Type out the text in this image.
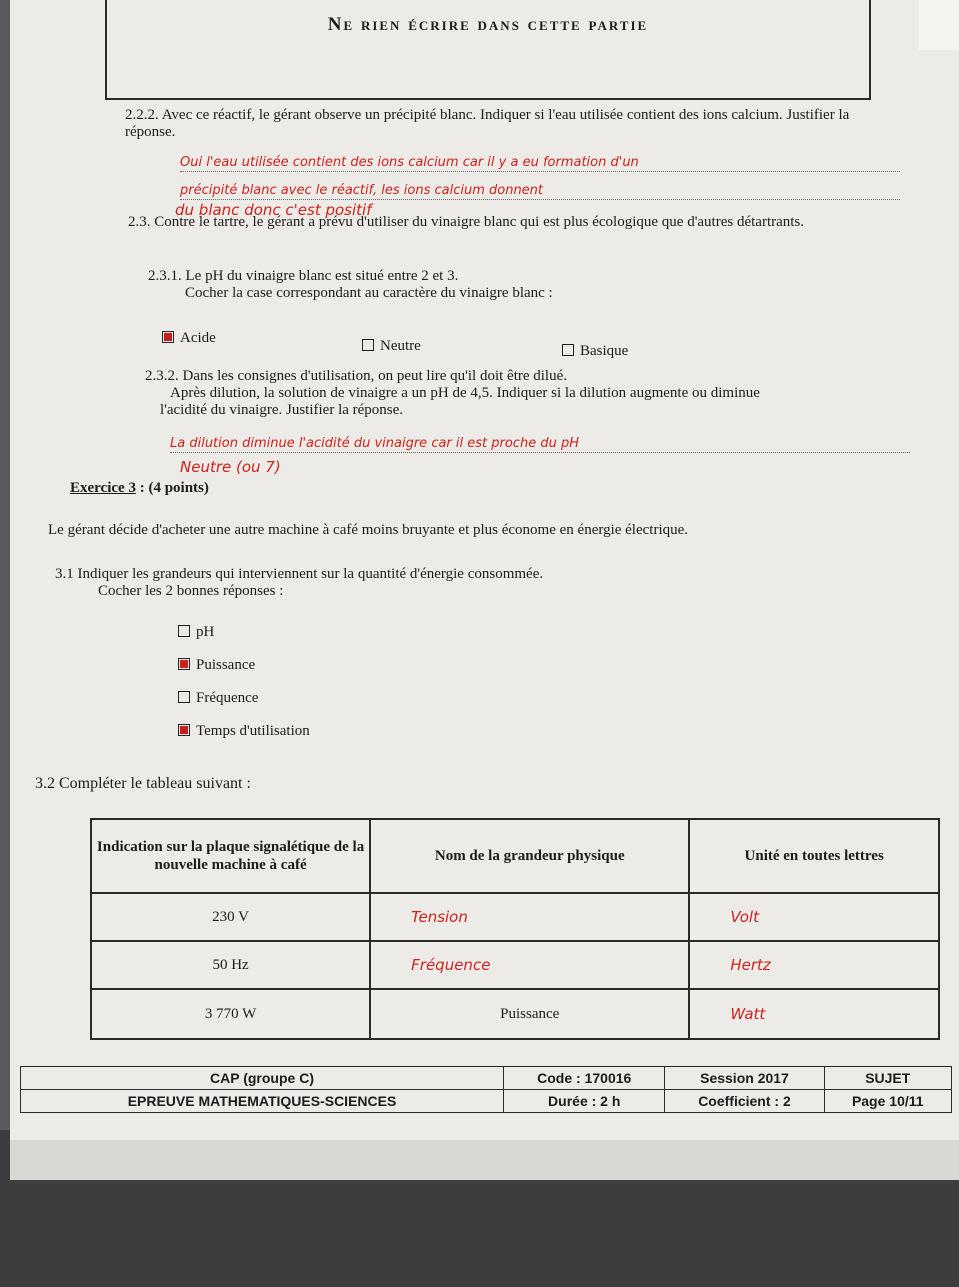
Ne rien écrire dans cette partie
2.2.2. Avec ce réactif, le gérant observe un précipité blanc. Indiquer si l'eau utilisée contient des ions calcium. Justifier la réponse.
Oui l'eau utilisée contient des ions calcium car il y a eu formation d'un
précipité blanc avec le réactif, les ions calcium donnent
du blanc donc c'est positif
2.3. Contre le tartre, le gérant a prévu d'utiliser du vinaigre blanc qui est plus écologique que d'autres détartrants.
2.3.1. Le pH du vinaigre blanc est situé entre 2 et 3.
Cocher la case correspondant au caractère du vinaigre blanc :
Acide	Neutre	Basique
2.3.2. Dans les consignes d'utilisation, on peut lire qu'il doit être dilué.
Après dilution, la solution de vinaigre a un pH de 4,5. Indiquer si la dilution augmente ou diminue
l'acidité du vinaigre. Justifier la réponse.
La dilution diminue l'acidité du vinaigre car il est proche du pH
Neutre (ou 7)
Exercice 3 : (4 points)
Le gérant décide d'acheter une autre machine à café moins bruyante et plus économe en énergie électrique.
3.1 Indiquer les grandeurs qui interviennent sur la quantité d'énergie consommée.
Cocher les 2 bonnes réponses :
pH
Puissance
Fréquence
Temps d'utilisation
3.2 Compléter le tableau suivant :
Indication sur la plaque signalétique de la nouvelle machine à café	Nom de la grandeur physique	Unité en toutes lettres
230 V	Tension	Volt
50 Hz	Fréquence	Hertz
3 770 W	Puissance	Watt
CAP (groupe C)	Code : 170016	Session 2017	SUJET
EPREUVE MATHEMATIQUES-SCIENCES	Durée : 2 h	Coefficient : 2	Page 10/11
